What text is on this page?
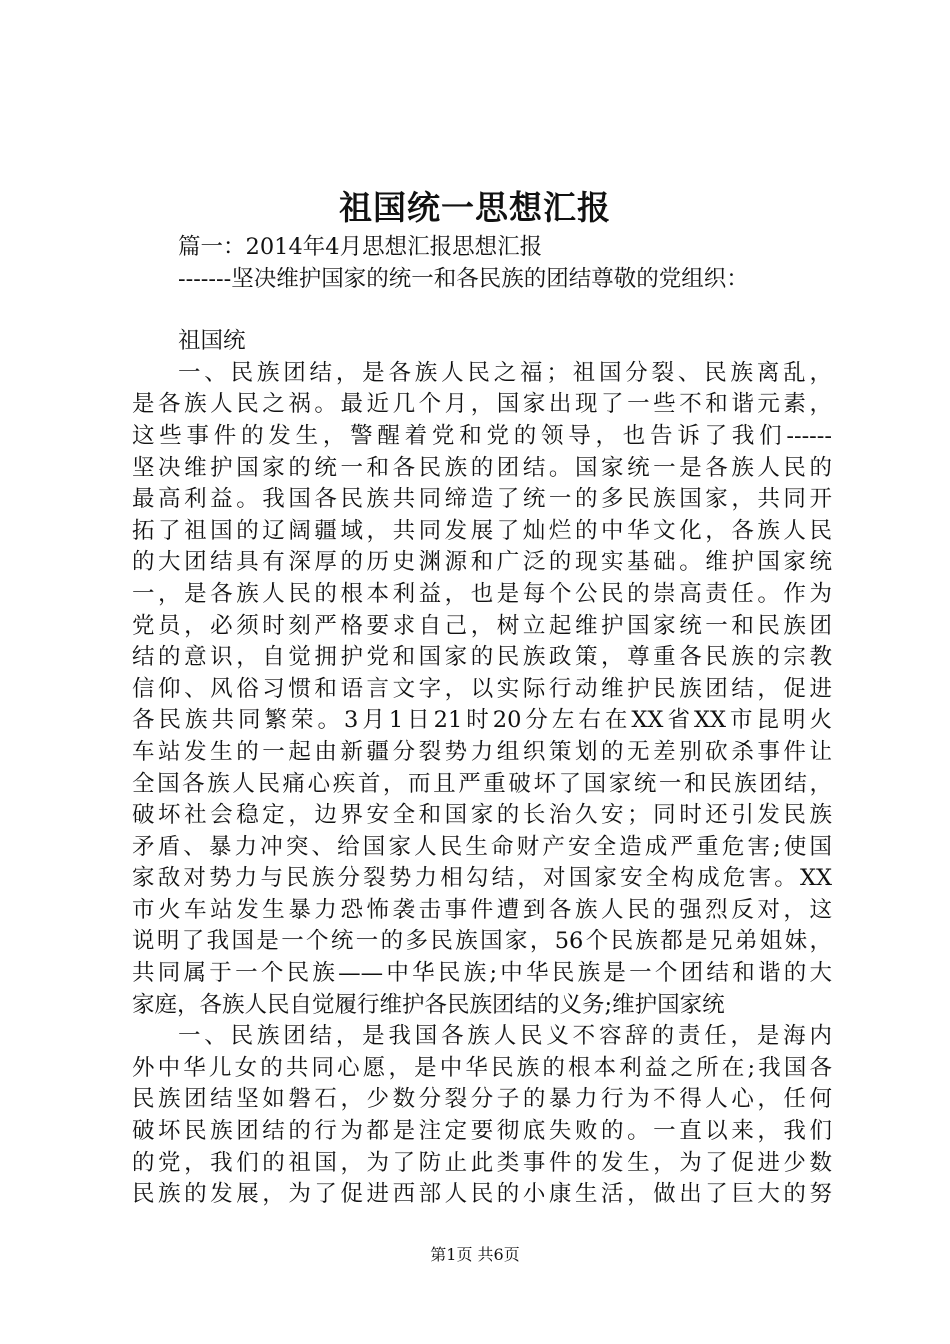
祖国统一思想汇报
篇一：2014年4月思想汇报思想汇报
-------坚决维护国家的统一和各民族的团结尊敬的党组织：
祖国统
一、民族团结，是各族人民之福；祖国分裂、民族离乱，
是各族人民之祸。最近几个月，国家出现了一些不和谐元素，
这些事件的发生，警醒着党和党的领导，也告诉了我们------
坚决维护国家的统一和各民族的团结。国家统一是各族人民的
最高利益。我国各民族共同缔造了统一的多民族国家，共同开
拓了祖国的辽阔疆域，共同发展了灿烂的中华文化，各族人民
的大团结具有深厚的历史渊源和广泛的现实基础。维护国家统
一，是各族人民的根本利益，也是每个公民的崇高责任。作为
党员，必须时刻严格要求自己，树立起维护国家统一和民族团
结的意识，自觉拥护党和国家的民族政策，尊重各民族的宗教
信仰、风俗习惯和语言文字，以实际行动维护民族团结，促进
各民族共同繁荣。3月1日21时20分左右在XX省XX市昆明火
车站发生的一起由新疆分裂势力组织策划的无差别砍杀事件让
全国各族人民痛心疾首，而且严重破坏了国家统一和民族团结，
破坏社会稳定，边界安全和国家的长治久安；同时还引发民族
矛盾、暴力冲突、给国家人民生命财产安全造成严重危害;使国
家敌对势力与民族分裂势力相勾结，对国家安全构成危害。XX
市火车站发生暴力恐怖袭击事件遭到各族人民的强烈反对，这
说明了我国是一个统一的多民族国家，56个民族都是兄弟姐妹，
共同属于一个民族——中华民族;中华民族是一个团结和谐的大
家庭，各族人民自觉履行维护各民族团结的义务;维护国家统
一、民族团结，是我国各族人民义不容辞的责任，是海内
外中华儿女的共同心愿，是中华民族的根本利益之所在;我国各
民族团结坚如磐石，少数分裂分子的暴力行为不得人心，任何
破坏民族团结的行为都是注定要彻底失败的。一直以来，我们
的党，我们的祖国，为了防止此类事件的发生，为了促进少数
民族的发展，为了促进西部人民的小康生活，做出了巨大的努
第1页 共6页
